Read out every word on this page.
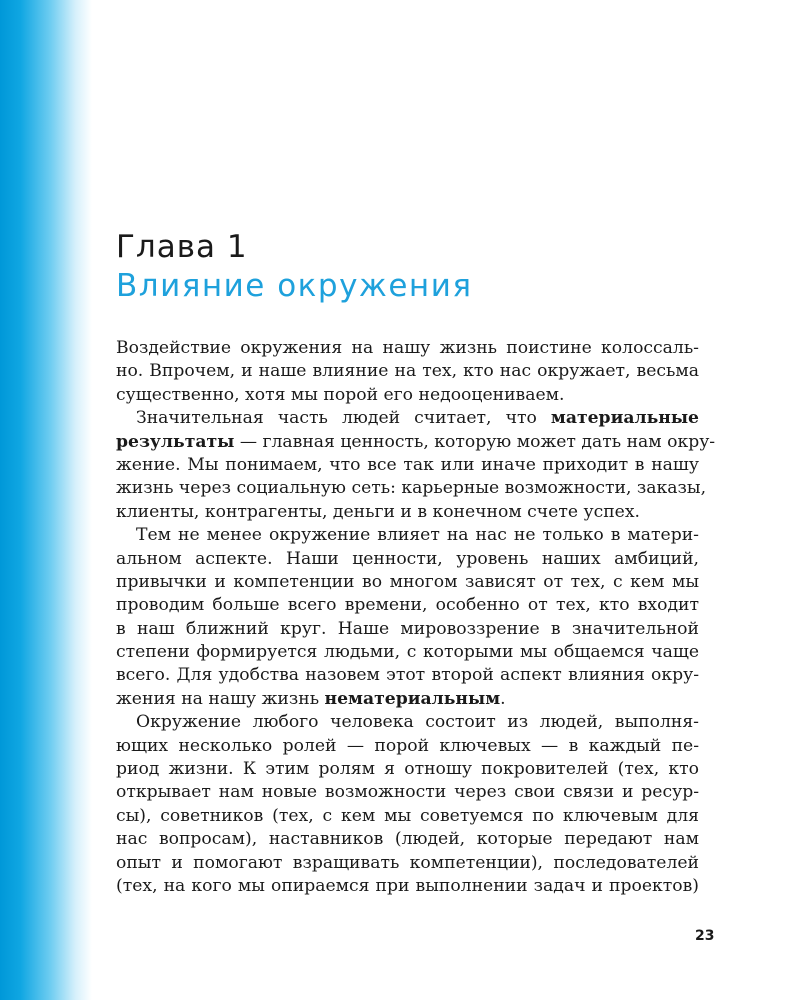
Глава 1
Влияние окружения
Воздействие окружения на нашу жизнь поистине колоссаль-
но. Впрочем, и наше влияние на тех, кто нас окружает, весьма
существенно, хотя мы порой его недооцениваем.
Значительная часть людей считает, что материальные
результаты — главная ценность, которую может дать нам окру-
жение. Мы понимаем, что все так или иначе приходит в нашу
жизнь через социальную сеть: карьерные возможности, заказы,
клиенты, контрагенты, деньги и в конечном счете успех.
Тем не менее окружение влияет на нас не только в матери-
альном аспекте. Наши ценности, уровень наших амбиций,
привычки и компетенции во многом зависят от тех, с кем мы
проводим больше всего времени, особенно от тех, кто входит
в наш ближний круг. Наше мировоззрение в значительной
степени формируется людьми, с которыми мы общаемся чаще
всего. Для удобства назовем этот второй аспект влияния окру-
жения на нашу жизнь нематериальным.
Окружение любого человека состоит из людей, выполня-
ющих несколько ролей — порой ключевых — в каждый пе-
риод жизни. К этим ролям я отношу покровителей (тех, кто
открывает нам новые возможности через свои связи и ресур-
сы), советников (тех, с кем мы советуемся по ключевым для
нас вопросам), наставников (людей, которые передают нам
опыт и помогают взращивать компетенции), последователей
(тех, на кого мы опираемся при выполнении задач и проектов)
23
